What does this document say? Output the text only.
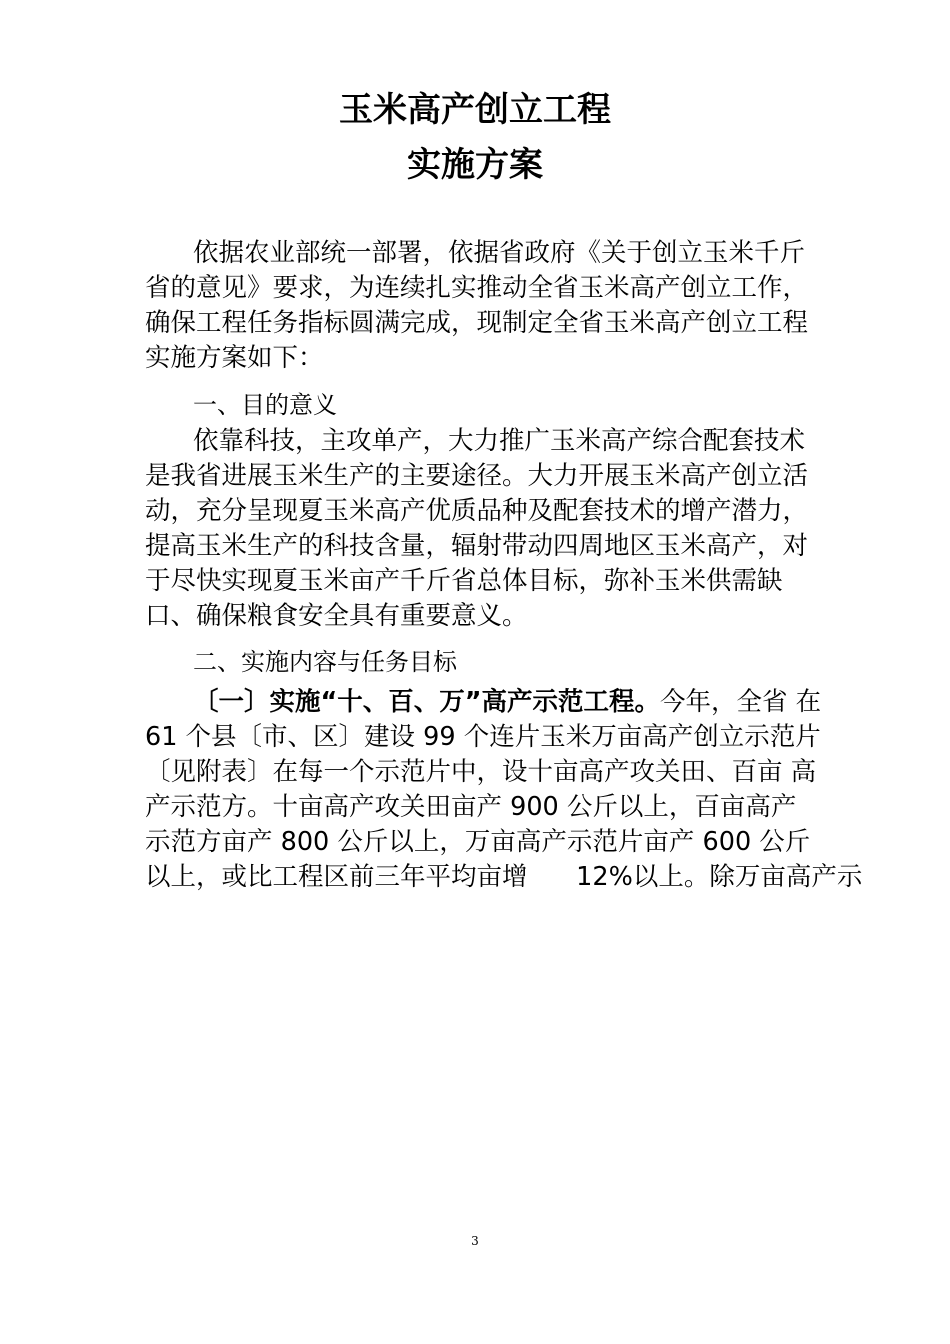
玉米高产创立工程
实施方案
依据农业部统一部署，依据省政府《关于创立玉米千斤
省的意见》要求，为连续扎实推动全省玉米高产创立工作，
确保工程任务指标圆满完成，现制定全省玉米高产创立工程
实施方案如下：
一、目的意义
依靠科技，主攻单产，大力推广玉米高产综合配套技术
是我省进展玉米生产的主要途径。大力开展玉米高产创立活
动，充分呈现夏玉米高产优质品种及配套技术的增产潜力，
提高玉米生产的科技含量，辐射带动四周地区玉米高产，对
于尽快实现夏玉米亩产千斤省总体目标，弥补玉米供需缺
口、确保粮食安全具有重要意义。
二、实施内容与任务目标
〔一〕实施“十、百、万”高产示范工程。今年，全省 在
61 个县〔市、区〕建设 99 个连片玉米万亩高产创立示范片
〔见附表〕在每一个示范片中，设十亩高产攻关田、百亩 高
产示范方。十亩高产攻关田亩产 900 公斤以上，百亩高产
示范方亩产 800 公斤以上，万亩高产示范片亩产 600 公斤
以上，或比工程区前三年平均亩增      12%以上。除万亩高产示
3
